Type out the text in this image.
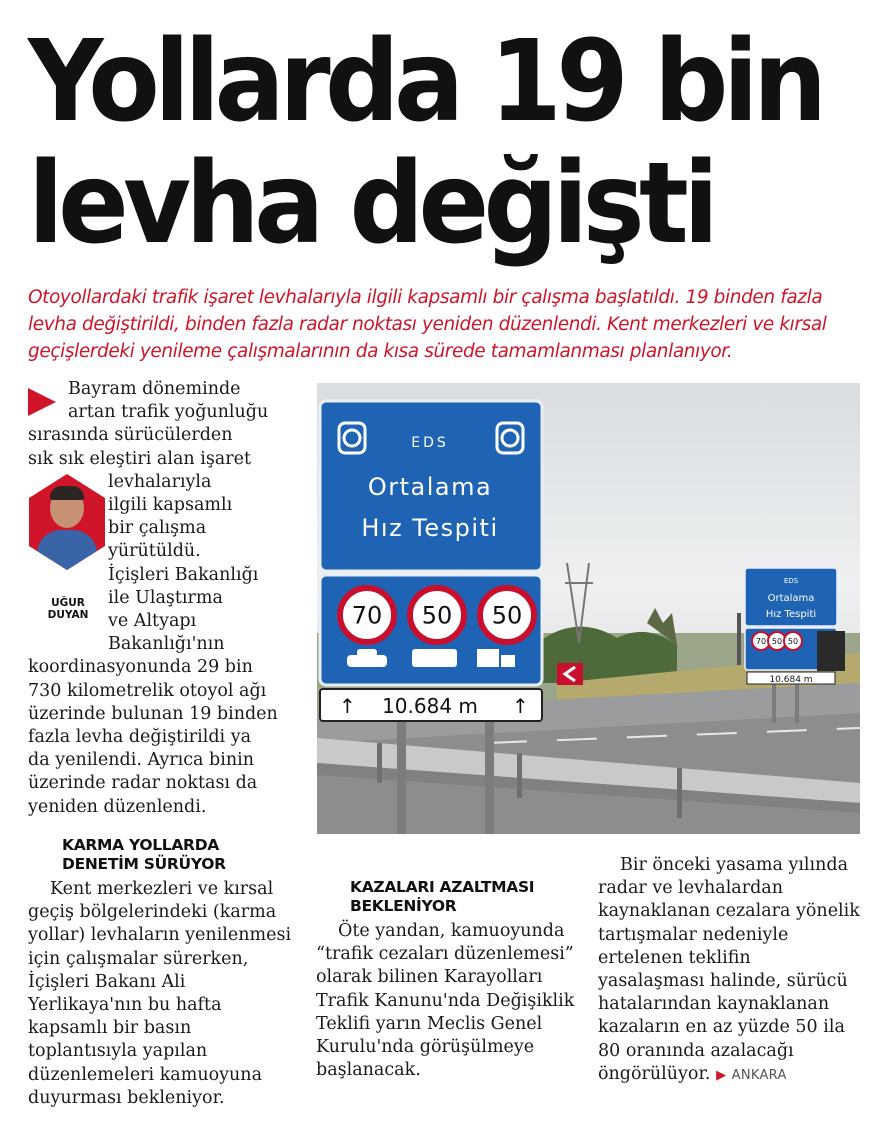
Yollarda 19 bin
levha değişti
Otoyollardaki trafik işaret levhalarıyla ilgili kapsamlı bir çalışma başlatıldı. 19 binden fazla levha değiştirildi, binden fazla radar noktası yeniden düzenlendi. Kent merkezleri ve kırsal geçişlerdeki yenileme çalışmalarının da kısa sürede tamamlanması planlanıyor.
UĞUR
DUYAN
Bayram döneminde
artan trafik yoğunluğu
sırasında sürücülerden
sık sık eleştiri alan işaret
levhalarıyla
ilgili kapsamlı
bir çalışma
yürütüldü.
İçişleri Bakanlığı
ile Ulaştırma
ve Altyapı
Bakanlığı'nın
koordinasyonunda 29 bin
730 kilometrelik otoyol ağı
üzerinde bulunan 19 binden
fazla levha değiştirildi ya
da yenilendi. Ayrıca binin
üzerinde radar noktası da
yeniden düzenlendi.
KARMA YOLLARDA
DENETİM SÜRÜYOR

Kent merkezleri ve kırsal geçiş bölgelerindeki (karma yollar) levhaların yenilenmesi için çalışmalar sürerken, İçişleri Bakanı Ali Yerlikaya'nın bu hafta kapsamlı bir basın toplantısıyla yapılan düzenlemeleri kamuoyuna duyurması bekleniyor.

KAZALARI AZALTMASI
BEKLENİYOR

Öte yandan, kamuoyunda “trafik cezaları düzenlemesi” olarak bilinen Karayolları Trafik Kanunu'nda Değişiklik Teklifi yarın Meclis Genel Kurulu'nda görüşülmeye başlanacak.

Bir önceki yasama yılında radar ve levhalardan kaynaklanan cezalara yönelik tartışmalar nedeniyle ertelenen teklifin yasalaşması halinde, sürücü hatalarından kaynaklanan kazaların en az yüzde 50 ila 80 oranında azalacağı öngörülüyor. ▶ ANKARA

EDS
Ortalama
Hız Tespiti
70 50 50
10.684 m
↑	↑
EDS
Ortalama
Hız Tespiti
70 50 50
10.684 m
